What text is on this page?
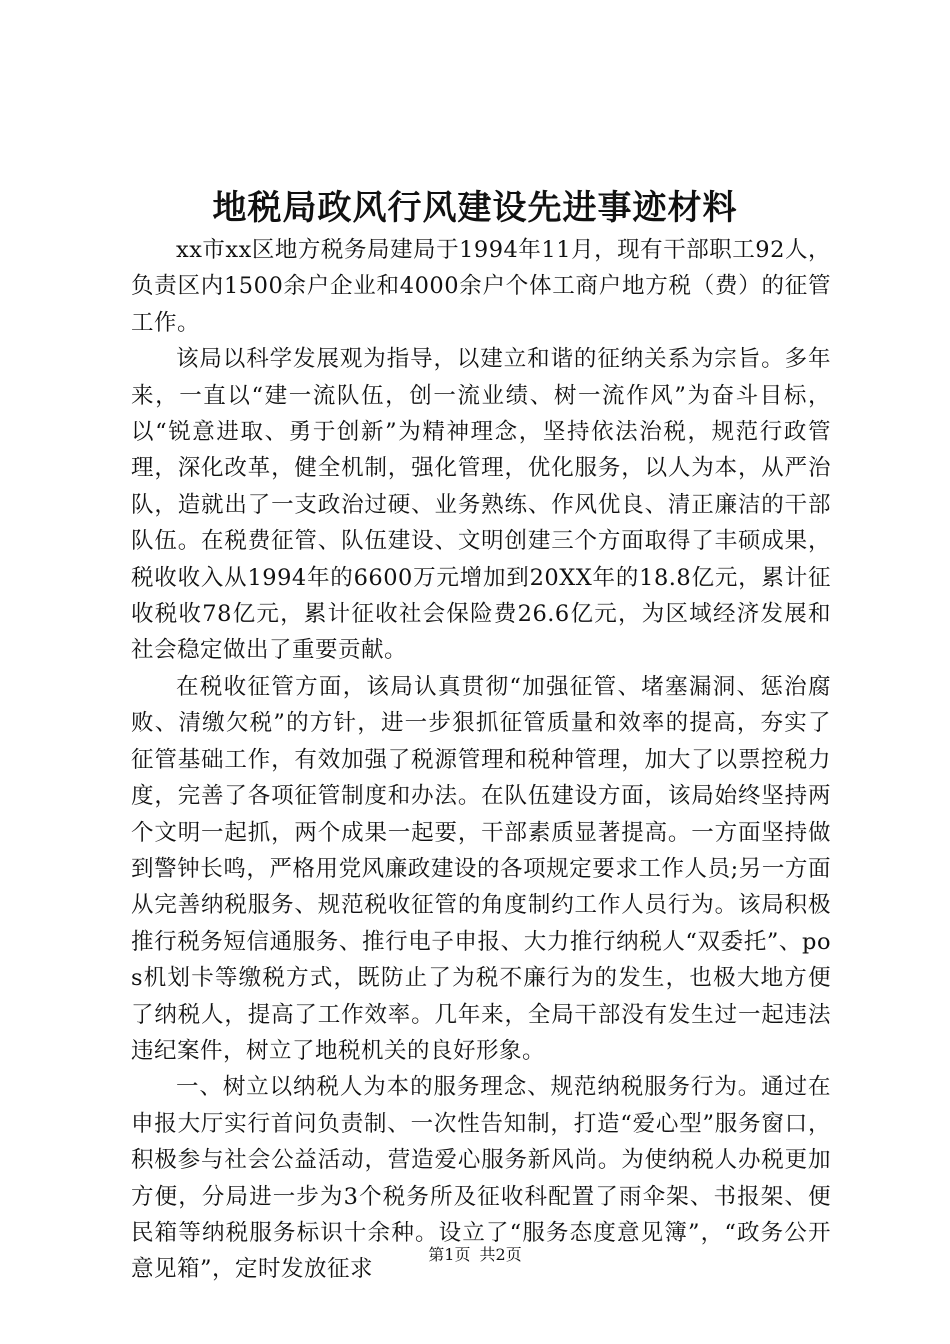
地税局政风行风建设先进事迹材料

xx市xx区地方税务局建局于1994年11月，现有干部职工92人，负责区内1500余户企业和4000余户个体工商户地方税（费）的征管工作。

该局以科学发展观为指导，以建立和谐的征纳关系为宗旨。多年来，一直以“建一流队伍，创一流业绩、树一流作风”为奋斗目标，以“锐意进取、勇于创新”为精神理念，坚持依法治税，规范行政管理，深化改革，健全机制，强化管理，优化服务，以人为本，从严治队，造就出了一支政治过硬、业务熟练、作风优良、清正廉洁的干部队伍。在税费征管、队伍建设、文明创建三个方面取得了丰硕成果，税收收入从1994年的6600万元增加到20XX年的18.8亿元，累计征收税收78亿元，累计征收社会保险费26.6亿元，为区域经济发展和社会稳定做出了重要贡献。

在税收征管方面，该局认真贯彻“加强征管、堵塞漏洞、惩治腐败、清缴欠税”的方针，进一步狠抓征管质量和效率的提高，夯实了征管基础工作，有效加强了税源管理和税种管理，加大了以票控税力度，完善了各项征管制度和办法。在队伍建设方面，该局始终坚持两个文明一起抓，两个成果一起要，干部素质显著提高。一方面坚持做到警钟长鸣，严格用党风廉政建设的各项规定要求工作人员;另一方面从完善纳税服务、规范税收征管的角度制约工作人员行为。该局积极推行税务短信通服务、推行电子申报、大力推行纳税人“双委托”、pos机划卡等缴税方式，既防止了为税不廉行为的发生，也极大地方便了纳税人，提高了工作效率。几年来，全局干部没有发生过一起违法违纪案件，树立了地税机关的良好形象。

一、树立以纳税人为本的服务理念、规范纳税服务行为。通过在申报大厅实行首问负责制、一次性告知制，打造“爱心型”服务窗口，积极参与社会公益活动，营造爱心服务新风尚。为使纳税人办税更加方便，分局进一步为3个税务所及征收科配置了雨伞架、书报架、便民箱等纳税服务标识十余种。设立了“服务态度意见簿”，“政务公开意见箱”，定时发放征求

第1页 共2页
